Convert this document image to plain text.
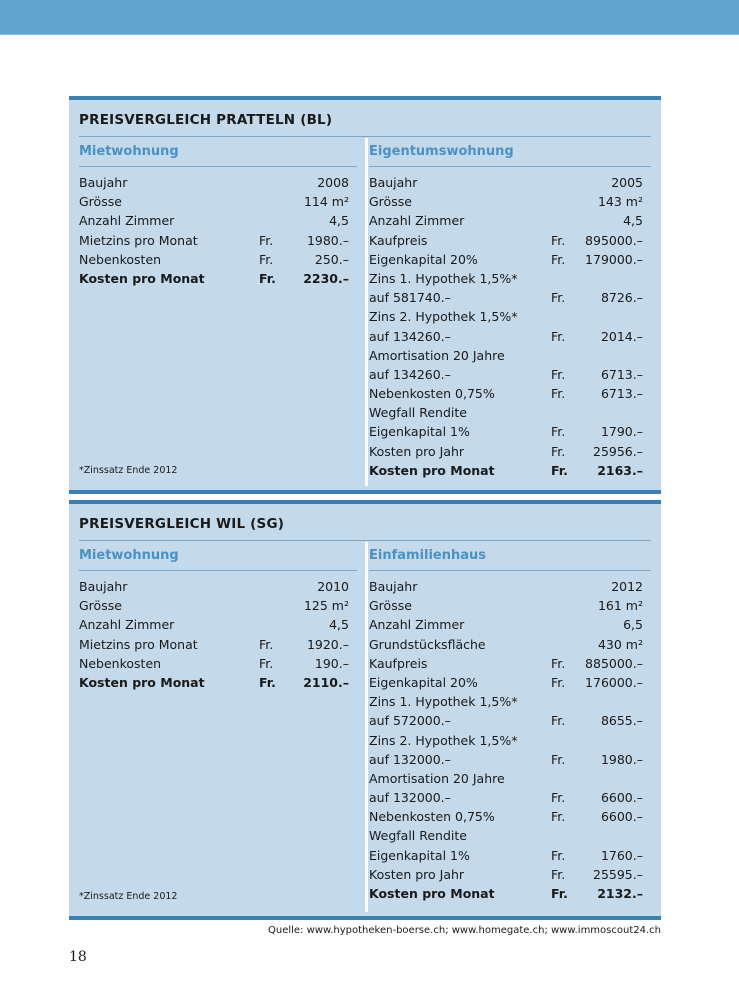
PREISVERGLEICH PRATTELN (BL)
Mietwohnung
Baujahr	2008
Grösse	114 m²
Anzahl Zimmer	4,5
Mietzins pro Monat	Fr.	1980.–
Nebenkosten	Fr.	250.–
Kosten pro Monat	Fr. 2230.–
*Zinssatz Ende 2012
Eigentumswohnung
Baujahr	2005
Grösse	143 m²
Anzahl Zimmer	4,5
Kaufpreis	Fr. 895000.–
Eigenkapital 20%	Fr. 179000.–
Zins 1. Hypothek 1,5%*
auf 581740.–	Fr.	8726.–
Zins 2. Hypothek 1,5%*
auf 134260.–	Fr.	2014.–
Amortisation 20 Jahre
auf 134260.–	Fr.	6713.–
Nebenkosten 0,75%	Fr.	6713.–
Wegfall Rendite
Eigenkapital 1%	Fr.	1790.–
Kosten pro Jahr	Fr. 25956.–
Kosten pro Monat	Fr. 2163.–
PREISVERGLEICH WIL (SG)
Mietwohnung
Baujahr	2010
Grösse	125 m²
Anzahl Zimmer	4,5
Mietzins pro Monat	Fr.	1920.–
Nebenkosten	Fr.	190.–
Kosten pro Monat	Fr. 2110.–
*Zinssatz Ende 2012
Einfamilienhaus
Baujahr	2012
Grösse	161 m²
Anzahl Zimmer	6,5
Grundstücksfläche	430 m²
Kaufpreis	Fr. 885000.–
Eigenkapital 20%	Fr. 176000.–
Zins 1. Hypothek 1,5%*
auf 572000.–	Fr.	8655.–
Zins 2. Hypothek 1,5%*
auf 132000.–	Fr.	1980.–
Amortisation 20 Jahre
auf 132000.–	Fr.	6600.–
Nebenkosten 0,75%	Fr.	6600.–
Wegfall Rendite
Eigenkapital 1%	Fr.	1760.–
Kosten pro Jahr	Fr. 25595.–
Kosten pro Monat	Fr. 2132.–
Quelle: www.hypotheken-boerse.ch; www.homegate.ch; www.immoscout24.ch
18
